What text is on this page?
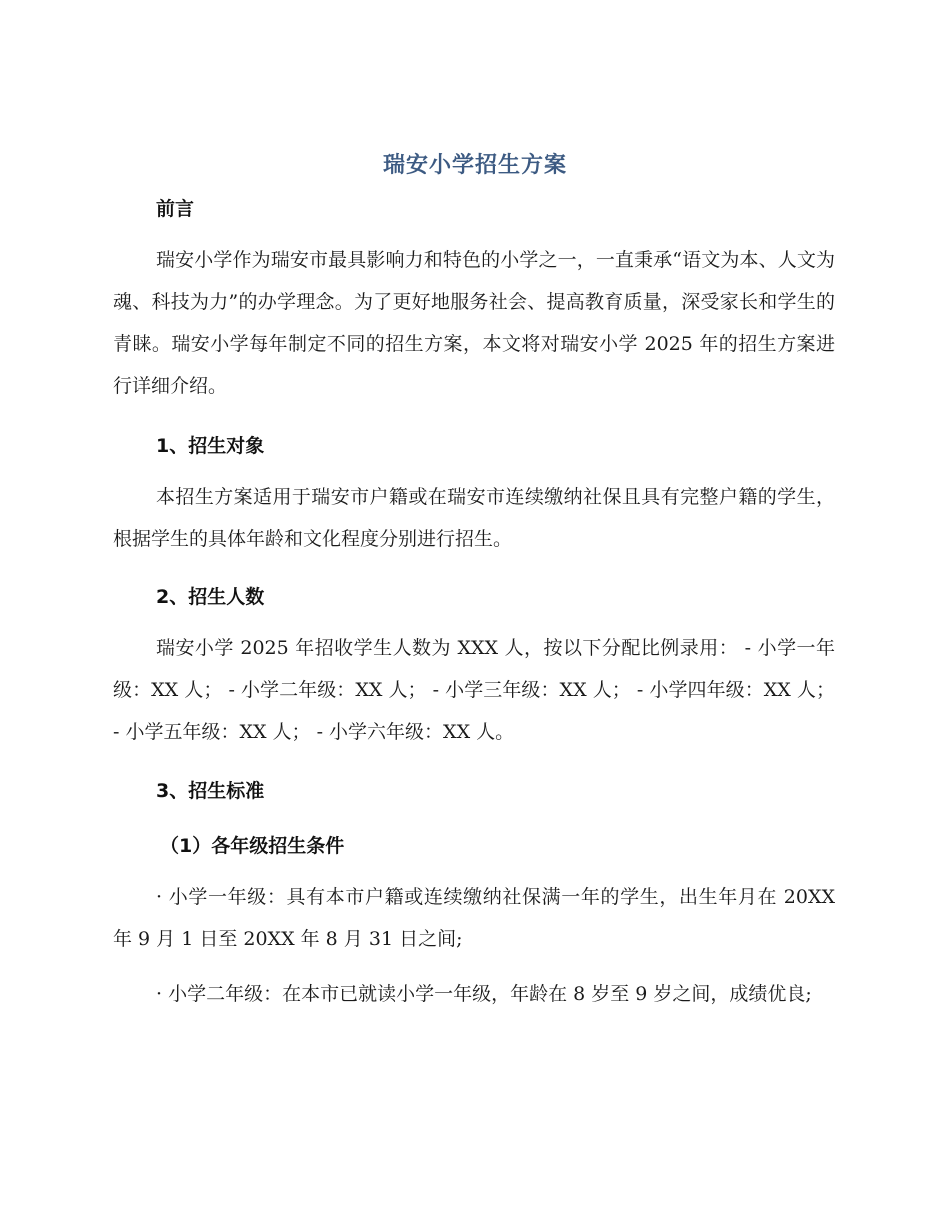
瑞安小学招生方案
前言
瑞安小学作为瑞安市最具影响力和特色的小学之一，一直秉承“语文为本、人文为魂、科技为力”的办学理念。为了更好地服务社会、提高教育质量，深受家长和学生的青睐。瑞安小学每年制定不同的招生方案，本文将对瑞安小学 2025 年的招生方案进行详细介绍。
1、招生对象
本招生方案适用于瑞安市户籍或在瑞安市连续缴纳社保且具有完整户籍的学生，根据学生的具体年龄和文化程度分别进行招生。
2、招生人数
瑞安小学 2025 年招收学生人数为 XXX 人，按以下分配比例录用： - 小学一年级：XX 人； - 小学二年级：XX 人； - 小学三年级：XX 人； - 小学四年级：XX 人； - 小学五年级：XX 人； - 小学六年级：XX 人。
3、招生标准
（1）各年级招生条件
· 小学一年级：具有本市户籍或连续缴纳社保满一年的学生，出生年月在 20XX 年 9 月 1 日至 20XX 年 8 月 31 日之间;
· 小学二年级：在本市已就读小学一年级，年龄在 8 岁至 9 岁之间，成绩优良;
